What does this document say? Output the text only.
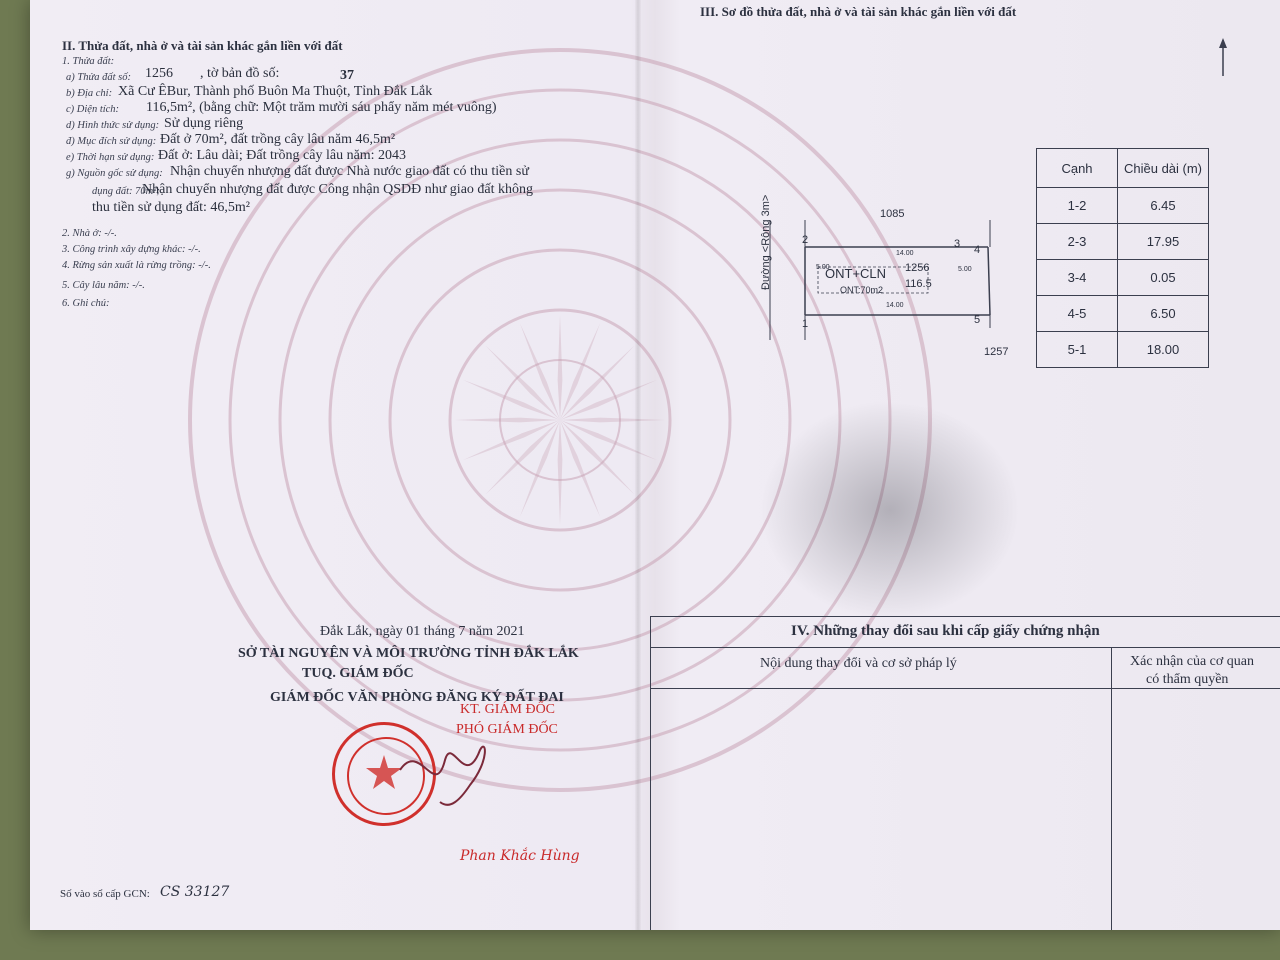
II. Thửa đất, nhà ở và tài sản khác gắn liền với đất
1. Thửa đất:
a) Thửa đất số: 1256 , tờ bản đồ số:	37
b) Địa chỉ: Xã Cư ÊBur, Thành phố Buôn Ma Thuột, Tỉnh Đắk Lắk
c) Diện tích: 116,5m², (bằng chữ: Một trăm mười sáu phẩy năm mét vuông)
d) Hình thức sử dụng: Sử dụng riêng
đ) Mục đích sử dụng: Đất ở 70m², đất trồng cây lâu năm 46,5m²
e) Thời hạn sử dụng: Đất ở: Lâu dài; Đất trồng cây lâu năm: 2043
g) Nguồn gốc sử dụng: Nhận chuyển nhượng đất được Nhà nước giao đất có thu tiền sử
dụng đất: 70m²;
Nhận chuyển nhượng đất được Công nhận QSDĐ như giao đất không
thu tiền sử dụng đất: 46,5m²
2. Nhà ở: -/-.
3. Công trình xây dựng khác: -/-.
4. Rừng sản xuất là rừng trồng: -/-.
5. Cây lâu năm: -/-.
6. Ghi chú:
Đắk Lắk, ngày 01 tháng 7 năm 2021
SỞ TÀI NGUYÊN VÀ MÔI TRƯỜNG TỈNH ĐẮK LẮK
TUQ. GIÁM ĐỐC
GIÁM ĐỐC VĂN PHÒNG ĐĂNG KÝ ĐẤT ĐAI
KT. GIÁM ĐỐC
PHÓ GIÁM ĐỐC
Phan Khắc Hùng
Số vào sổ cấp GCN: CS 33127
III. Sơ đồ thửa đất, nhà ở và tài sản khác gắn liền với đất
1085
1257
Đường <Rộng 3m>	ONT+CLN 1256
116.5
ONT:70m2
14.00
14.00
5.00	5.00
1
2	3 4
5
Cạnh	Chiều dài (m)
1-2	6.45
2-3	17.95
3-4	0.05
4-5	6.50
5-1	18.00
IV. Những thay đổi sau khi cấp giấy chứng nhận
Nội dung thay đổi và cơ sở pháp lý	Xác nhận của cơ quan
có thẩm quyền
